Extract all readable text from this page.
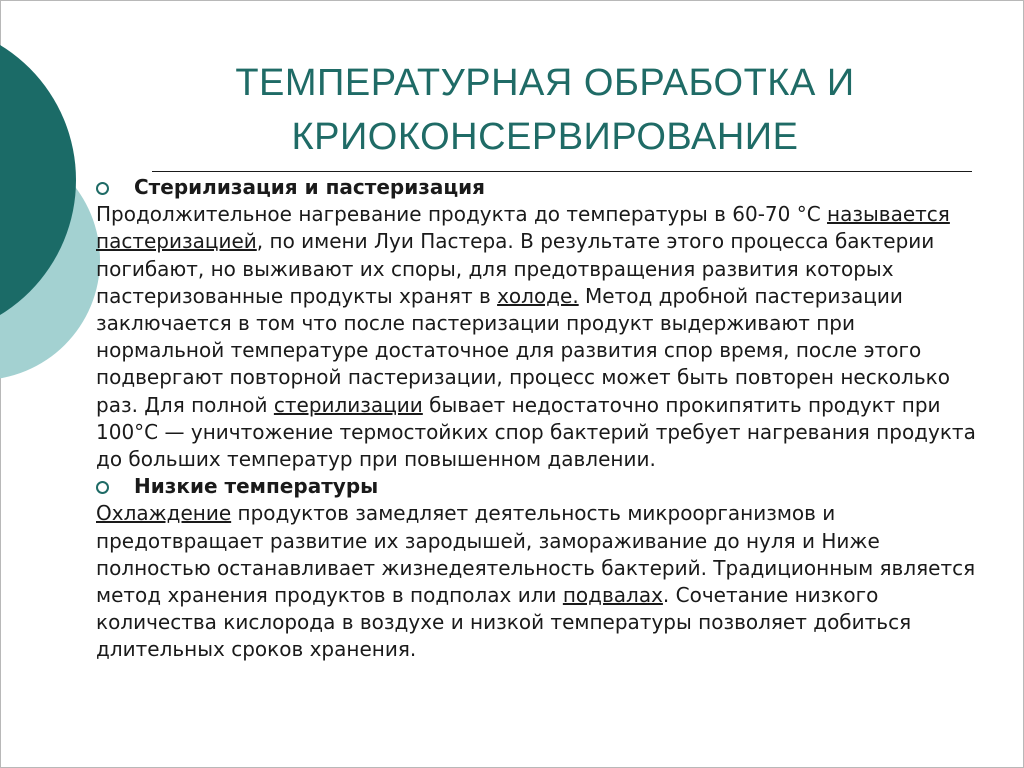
ТЕМПЕРАТУРНАЯ ОБРАБОТКА И
КРИОКОНСЕРВИРОВАНИЕ

Стерилизация и пастеризация

Продолжительное нагревание продукта до температуры в 60-70 °С называется пастеризацией, по имени Луи Пастера. В результате этого процесса бактерии погибают, но выживают их споры, для предотвращения развития которых пастеризованные продукты хранят в холоде. Метод дробной пастеризации заключается в том что после пастеризации продукт выдерживают при нормальной температуре достаточное для развития спор время, после этого подвергают повторной пастеризации, процесс может быть повторен несколько раз. Для полной стерилизации бывает недостаточно прокипятить продукт при 100°С — уничтожение термостойких спор бактерий требует нагревания продукта до больших температур при повышенном давлении.

Низкие температуры

Охлаждение продуктов замедляет деятельность микроорганизмов и предотвращает развитие их зародышей, замораживание до нуля и Ниже полностью останавливает жизнедеятельность бактерий. Традиционным является метод хранения продуктов в подполах или подвалах. Сочетание низкого количества кислорода в воздухе и низкой температуры позволяет добиться длительных сроков хранения.
